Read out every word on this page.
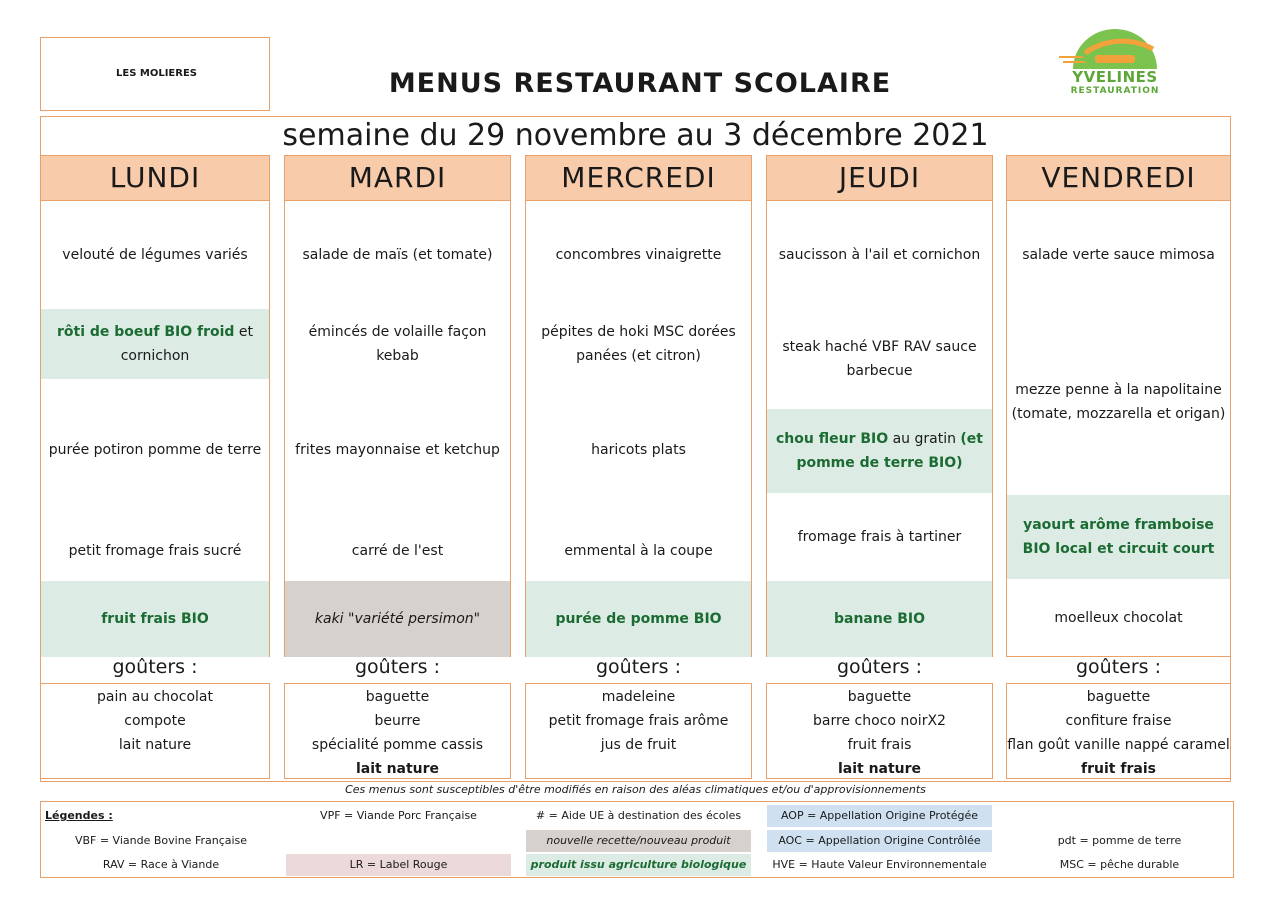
LES MOLIERES	MENUS RESTAURANT SCOLAIRE	YVELINES
RESTAURATION
semaine du 29 novembre au 3 décembre 2021
LUNDI
velouté de légumes variés
rôti de boeuf BIO froid et cornichon
purée potiron pomme de terre
petit fromage frais sucré
fruit frais BIO
goûters :
pain au chocolat
compote
lait nature
MARDI
salade de maïs (et tomate)
émincés de volaille façon kebab
frites mayonnaise et ketchup
carré de l'est
kaki "variété persimon"
goûters :
baguette
beurre
spécialité pomme cassis
lait nature
MERCREDI
concombres vinaigrette
pépites de hoki MSC dorées panées (et citron)
haricots plats
emmental à la coupe
purée de pomme BIO
goûters :
madeleine
petit fromage frais arôme
jus de fruit
JEUDI
saucisson à l'ail et cornichon
steak haché VBF RAV sauce barbecue
chou fleur BIO au gratin (et pomme de terre BIO)
fromage frais à tartiner
banane BIO
goûters :
baguette
barre choco noirX2
fruit frais
lait nature
VENDREDI
salade verte sauce mimosa
mezze penne à la napolitaine (tomate, mozzarella et origan)
yaourt arôme framboise BIO local et circuit court
moelleux chocolat
goûters :
baguette
confiture fraise
flan goût vanille nappé caramel
fruit frais
Ces menus sont susceptibles d'être modifiés en raison des aléas climatiques et/ou d'approvisionnements
Légendes :
VBF = Viande Bovine Française
RAV = Race à Viande
VPF = Viande Porc Française
LR = Label Rouge
# = Aide UE à destination des écoles
nouvelle recette/nouveau produit
produit issu agriculture biologique
AOP = Appellation Origine Protégée
AOC = Appellation Origine Contrôlée
HVE = Haute Valeur Environnementale
pdt = pomme de terre
MSC = pêche durable
